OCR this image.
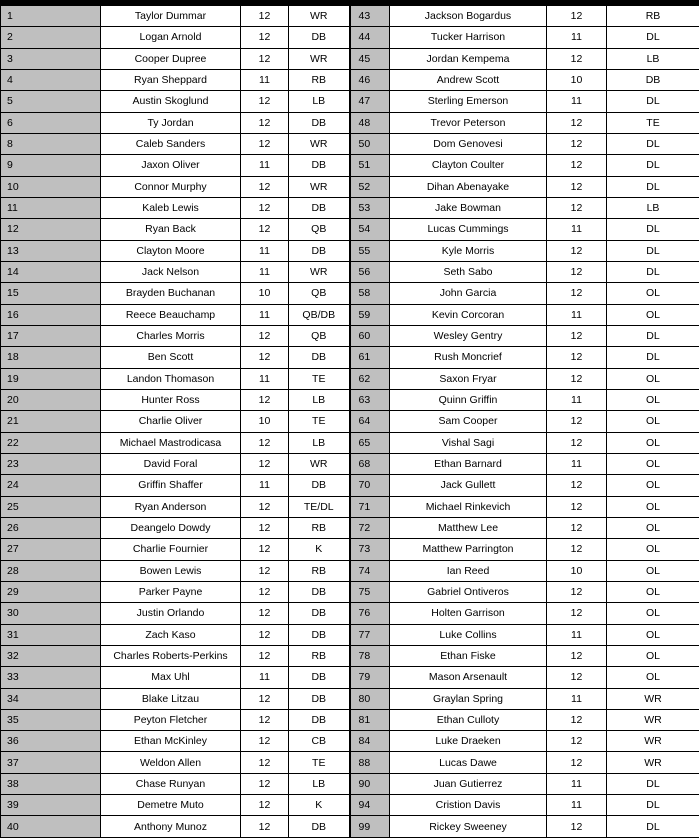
1	Taylor Dummar	12	WR	43	Jackson Bogardus	12	RB
2	Logan Arnold	12	DB	44	Tucker Harrison	11	DL
3	Cooper Dupree	12	WR	45	Jordan Kempema	12	LB
4	Ryan Sheppard	11	RB	46	Andrew Scott	10	DB
5	Austin Skoglund	12	LB	47	Sterling Emerson	11	DL
6	Ty Jordan	12	DB	48	Trevor Peterson	12	TE
8	Caleb Sanders	12	WR	50	Dom Genovesi	12	DL
9	Jaxon Oliver	11	DB	51	Clayton Coulter	12	DL
10	Connor Murphy	12	WR	52	Dihan Abenayake	12	DL
11	Kaleb Lewis	12	DB	53	Jake Bowman	12	LB
12	Ryan Back	12	QB	54	Lucas Cummings	11	DL
13	Clayton Moore	11	DB	55	Kyle Morris	12	DL
14	Jack Nelson	11	WR	56	Seth Sabo	12	DL
15	Brayden Buchanan	10	QB	58	John Garcia	12	OL
16	Reece Beauchamp	11	QB/DB	59	Kevin Corcoran	11	OL
17	Charles Morris	12	QB	60	Wesley Gentry	12	DL
18	Ben Scott	12	DB	61	Rush Moncrief	12	DL
19	Landon Thomason	11	TE	62	Saxon Fryar	12	OL
20	Hunter Ross	12	LB	63	Quinn Griffin	11	OL
21	Charlie Oliver	10	TE	64	Sam Cooper	12	OL
22	Michael Mastrodicasa	12	LB	65	Vishal Sagi	12	OL
23	David Foral	12	WR	68	Ethan Barnard	11	OL
24	Griffin Shaffer	11	DB	70	Jack Gullett	12	OL
25	Ryan Anderson	12	TE/DL	71	Michael Rinkevich	12	OL
26	Deangelo Dowdy	12	RB	72	Matthew Lee	12	OL
27	Charlie Fournier	12	K	73	Matthew Parrington	12	OL
28	Bowen Lewis	12	RB	74	Ian Reed	10	OL
29	Parker Payne	12	DB	75	Gabriel Ontiveros	12	OL
30	Justin Orlando	12	DB	76	Holten Garrison	12	OL
31	Zach Kaso	12	DB	77	Luke Collins	11	OL
32	Charles Roberts-Perkins	12	RB	78	Ethan Fiske	12	OL
33	Max Uhl	11	DB	79	Mason Arsenault	12	OL
34	Blake Litzau	12	DB	80	Graylan Spring	11	WR
35	Peyton Fletcher	12	DB	81	Ethan Culloty	12	WR
36	Ethan McKinley	12	CB	84	Luke Draeken	12	WR
37	Weldon Allen	12	TE	88	Lucas Dawe	12	WR
38	Chase Runyan	12	LB	90	Juan Gutierrez	11	DL
39	Demetre Muto	12	K	94	Cristion Davis	11	DL
40	Anthony Munoz	12	DB	99	Rickey Sweeney	12	DL
